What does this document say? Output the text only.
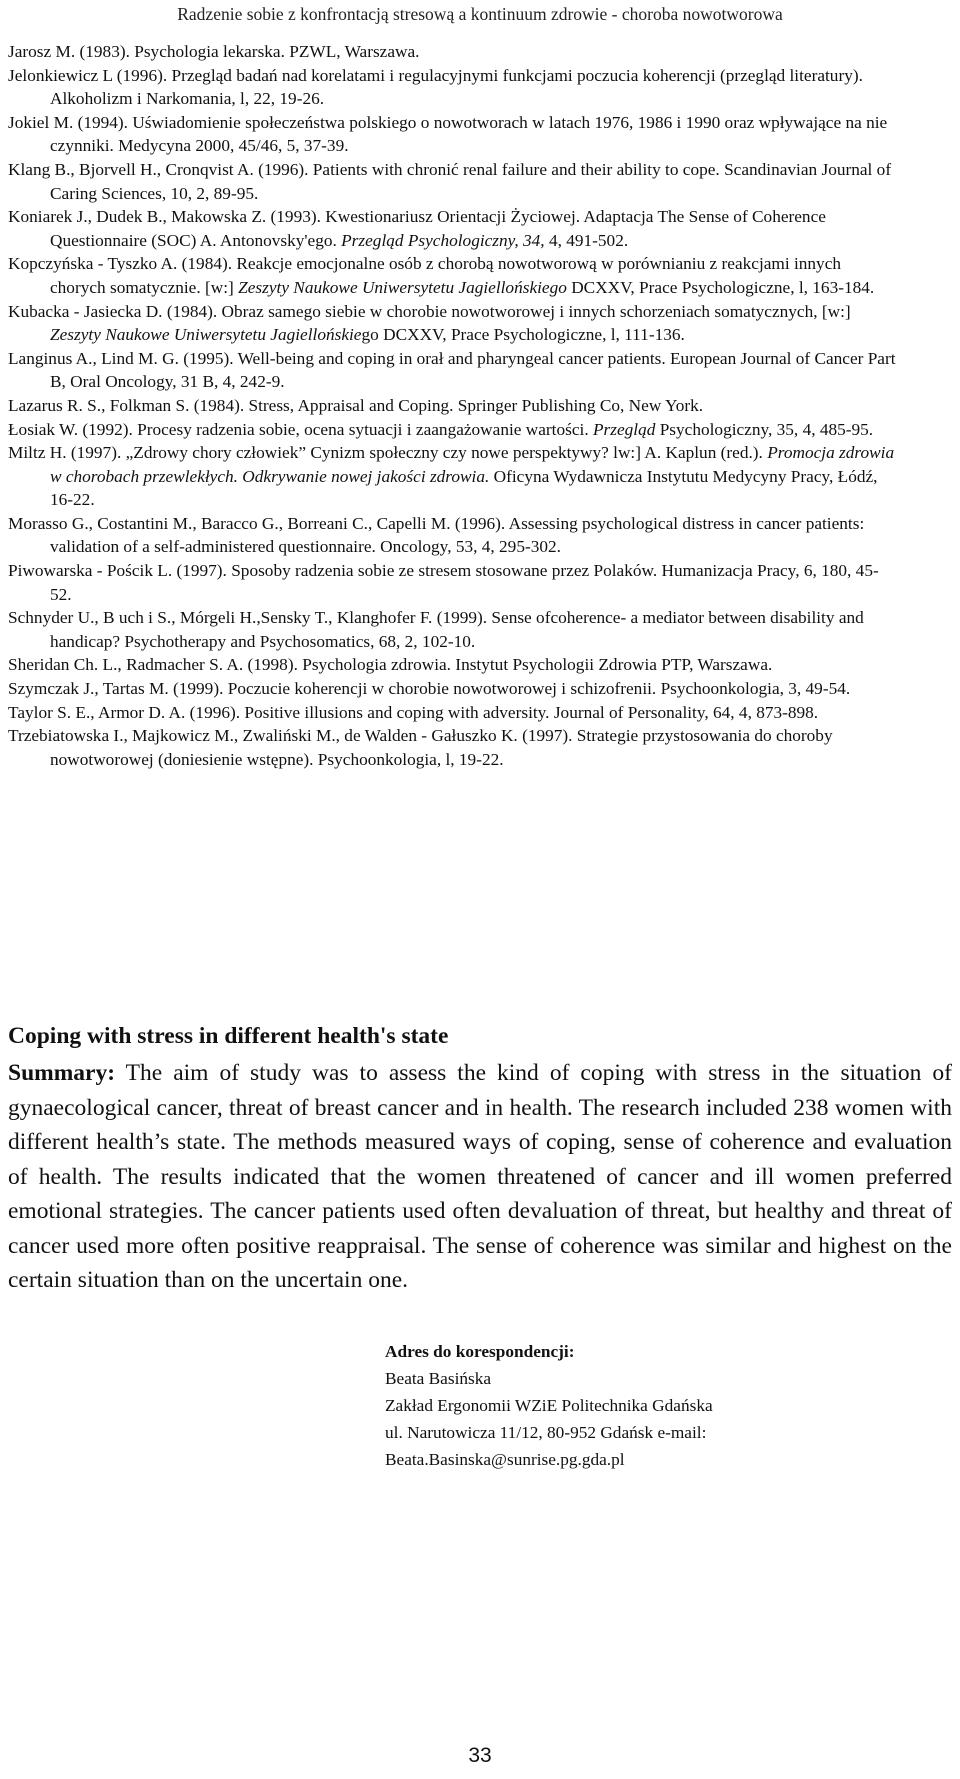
Radzenie sobie z konfrontacją stresową a kontinuum zdrowie - choroba nowotworowa

Jarosz M. (1983). Psychologia lekarska. PZWL, Warszawa.

Jelonkiewicz L (1996). Przegląd badań nad korelatami i regulacyjnymi funkcjami poczucia koherencji (przegląd literatury). Alkoholizm i Narkomania, l, 22, 19-26.

Jokiel M. (1994). Uświadomienie społeczeństwa polskiego o nowotworach w latach 1976, 1986 i 1990 oraz wpływające na nie czynniki. Medycyna 2000, 45/46, 5, 37-39.

Klang B., Bjorvell H., Cronqvist A. (1996). Patients with chronić renal failure and their ability to cope. Scandinavian Journal of Caring Sciences, 10, 2, 89-95.

Koniarek J., Dudek B., Makowska Z. (1993). Kwestionariusz Orientacji Życiowej. Adaptacja The Sense of Coherence Questionnaire (SOC) A. Antonovsky'ego. Przegląd Psychologiczny, 34, 4, 491-502.

Kopczyńska - Tyszko A. (1984). Reakcje emocjonalne osób z chorobą nowotworową w porównianiu z reakcjami innych chorych somatycznie. [w:] Zeszyty Naukowe Uniwersytetu Jagiellońskiego DCXXV, Prace Psychologiczne, l, 163-184.

Kubacka - Jasiecka D. (1984). Obraz samego siebie w chorobie nowotworowej i innych schorzeniach somatycznych, [w:] Zeszyty Naukowe Uniwersytetu Jagiellońskiego DCXXV, Prace Psychologiczne, l, 111-136.

Langinus A., Lind M. G. (1995). Well-being and coping in orał and pharyngeal cancer patients. European Journal of Cancer Part B, Oral Oncology, 31 B, 4, 242-9.

Lazarus R. S., Folkman S. (1984). Stress, Appraisal and Coping. Springer Publishing Co, New York.

Łosiak W. (1992). Procesy radzenia sobie, ocena sytuacji i zaangażowanie wartości. Przegląd Psychologiczny, 35, 4, 485-95.

Miltz H. (1997). „Zdrowy chory człowiek” Cynizm społeczny czy nowe perspektywy? lw:] A. Kaplun (red.). Promocja zdrowia w chorobach przewlekłych. Odkrywanie nowej jakości zdrowia. Oficyna Wydawnicza Instytutu Medycyny Pracy, Łódź, 16-22.

Morasso G., Costantini M., Baracco G., Borreani C., Capelli M. (1996). Assessing psychological distress in cancer patients: validation of a self-administered questionnaire. Oncology, 53, 4, 295-302.

Piwowarska - Pościk L. (1997). Sposoby radzenia sobie ze stresem stosowane przez Polaków. Humanizacja Pracy, 6, 180, 45-52.

Schnyder U., B uch i S., Mórgeli H.,Sensky T., Klanghofer F. (1999). Sense ofcoherence- a mediator between disability and handicap? Psychotherapy and Psychosomatics, 68, 2, 102-10.

Sheridan Ch. L., Radmacher S. A. (1998). Psychologia zdrowia. Instytut Psychologii Zdrowia PTP, Warszawa.

Szymczak J., Tartas M. (1999). Poczucie koherencji w chorobie nowotworowej i schizofrenii. Psychoonkologia, 3, 49-54.

Taylor S. E., Armor D. A. (1996). Positive illusions and coping with adversity. Journal of Personality, 64, 4, 873-898.

Trzebiatowska I., Majkowicz M., Zwaliński M., de Walden - Gałuszko K. (1997). Strategie przystosowania do choroby nowotworowej (doniesienie wstępne). Psychoonkologia, l, 19-22.

Coping with stress in different health's state

Summary: The aim of study was to assess the kind of coping with stress in the situation of gynaecological cancer, threat of breast cancer and in health. The research included 238 women with different health’s state. The methods measured ways of coping, sense of coherence and evaluation of health. The results indicated that the women threatened of cancer and ill women preferred emotional strategies. The cancer patients used often devaluation of threat, but healthy and threat of cancer used more often positive reappraisal. The sense of coherence was similar and highest on the certain situation than on the uncertain one.

Adres do korespondencji:
Beata Basińska
Zakład Ergonomii WZiE Politechnika Gdańska
ul. Narutowicza 11/12, 80-952 Gdańsk e-mail:
Beata.Basinska@sunrise.pg.gda.pl
33
